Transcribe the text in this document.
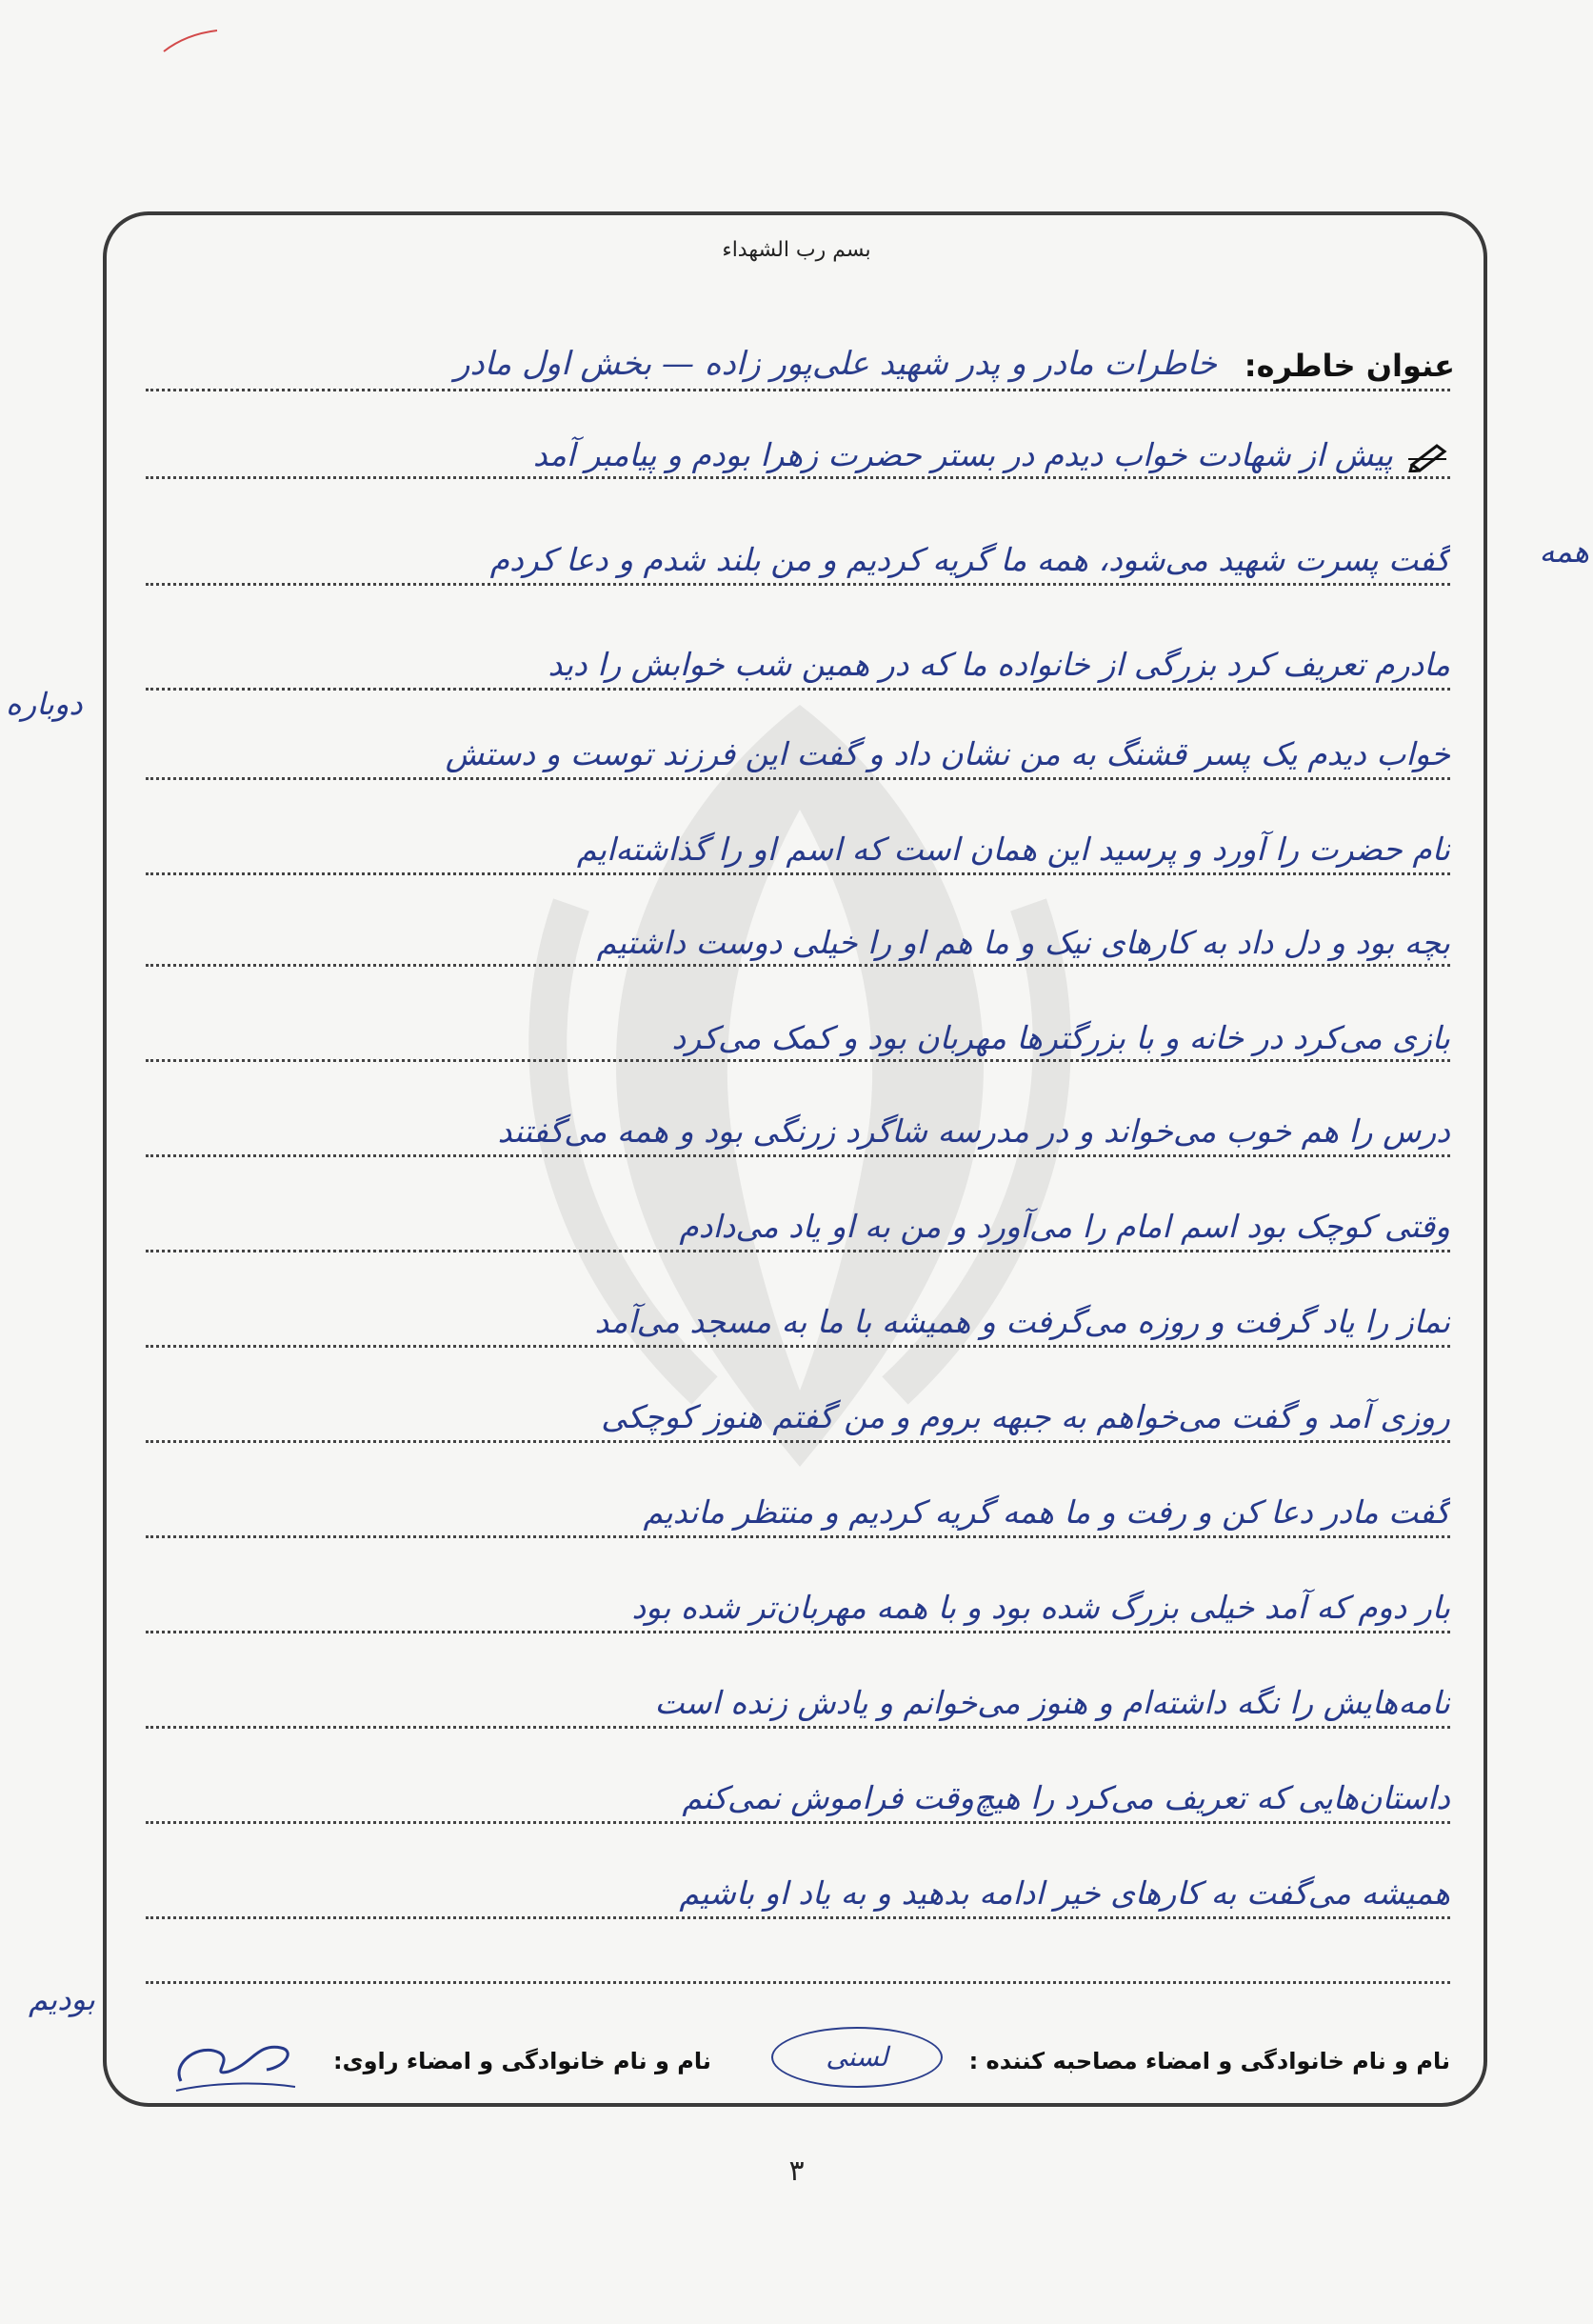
بسم رب الشهداء
عنوان خاطره:
خاطرات مادر و پدر شهید علی‌پور زاده — بخش اول مادر
پیش از شهادت خواب دیدم در بستر حضرت زهرا بودم و پیامبر آمد
گفت پسرت شهید می‌شود، همه ما گریه کردیم و من بلند شدم و دعا کردم
مادرم تعریف کرد بزرگی از خانواده ما که در همین شب خوابش را دید
خواب دیدم یک پسر قشنگ به من نشان داد و گفت این فرزند توست و دستش
نام حضرت را آورد و پرسید این همان است که اسم او را گذاشته‌ایم
بچه بود و دل داد به کارهای نیک و ما هم او را خیلی دوست داشتیم
بازی می‌کرد در خانه و با بزرگترها مهربان بود و کمک می‌کرد
درس را هم خوب می‌خواند و در مدرسه شاگرد زرنگی بود و همه می‌گفتند
وقتی کوچک بود اسم امام را می‌آورد و من به او یاد می‌دادم
نماز را یاد گرفت و روزه می‌گرفت و همیشه با ما به مسجد می‌آمد
روزی آمد و گفت می‌خواهم به جبهه بروم و من گفتم هنوز کوچکی
گفت مادر دعا کن و رفت و ما همه گریه کردیم و منتظر ماندیم
بار دوم که آمد خیلی بزرگ شده بود و با همه مهربان‌تر شده بود
نامه‌هایش را نگه داشته‌ام و هنوز می‌خوانم و یادش زنده است
داستان‌هایی که تعریف می‌کرد را هیچ‌وقت فراموش نمی‌کنم
همیشه می‌گفت به کارهای خیر ادامه بدهید و به یاد او باشیم
همه
دوباره
بودیم
نام و نام خانوادگی و امضاء مصاحبه کننده :
لسنی
نام و نام خانوادگی و امضاء راوی:
۳
